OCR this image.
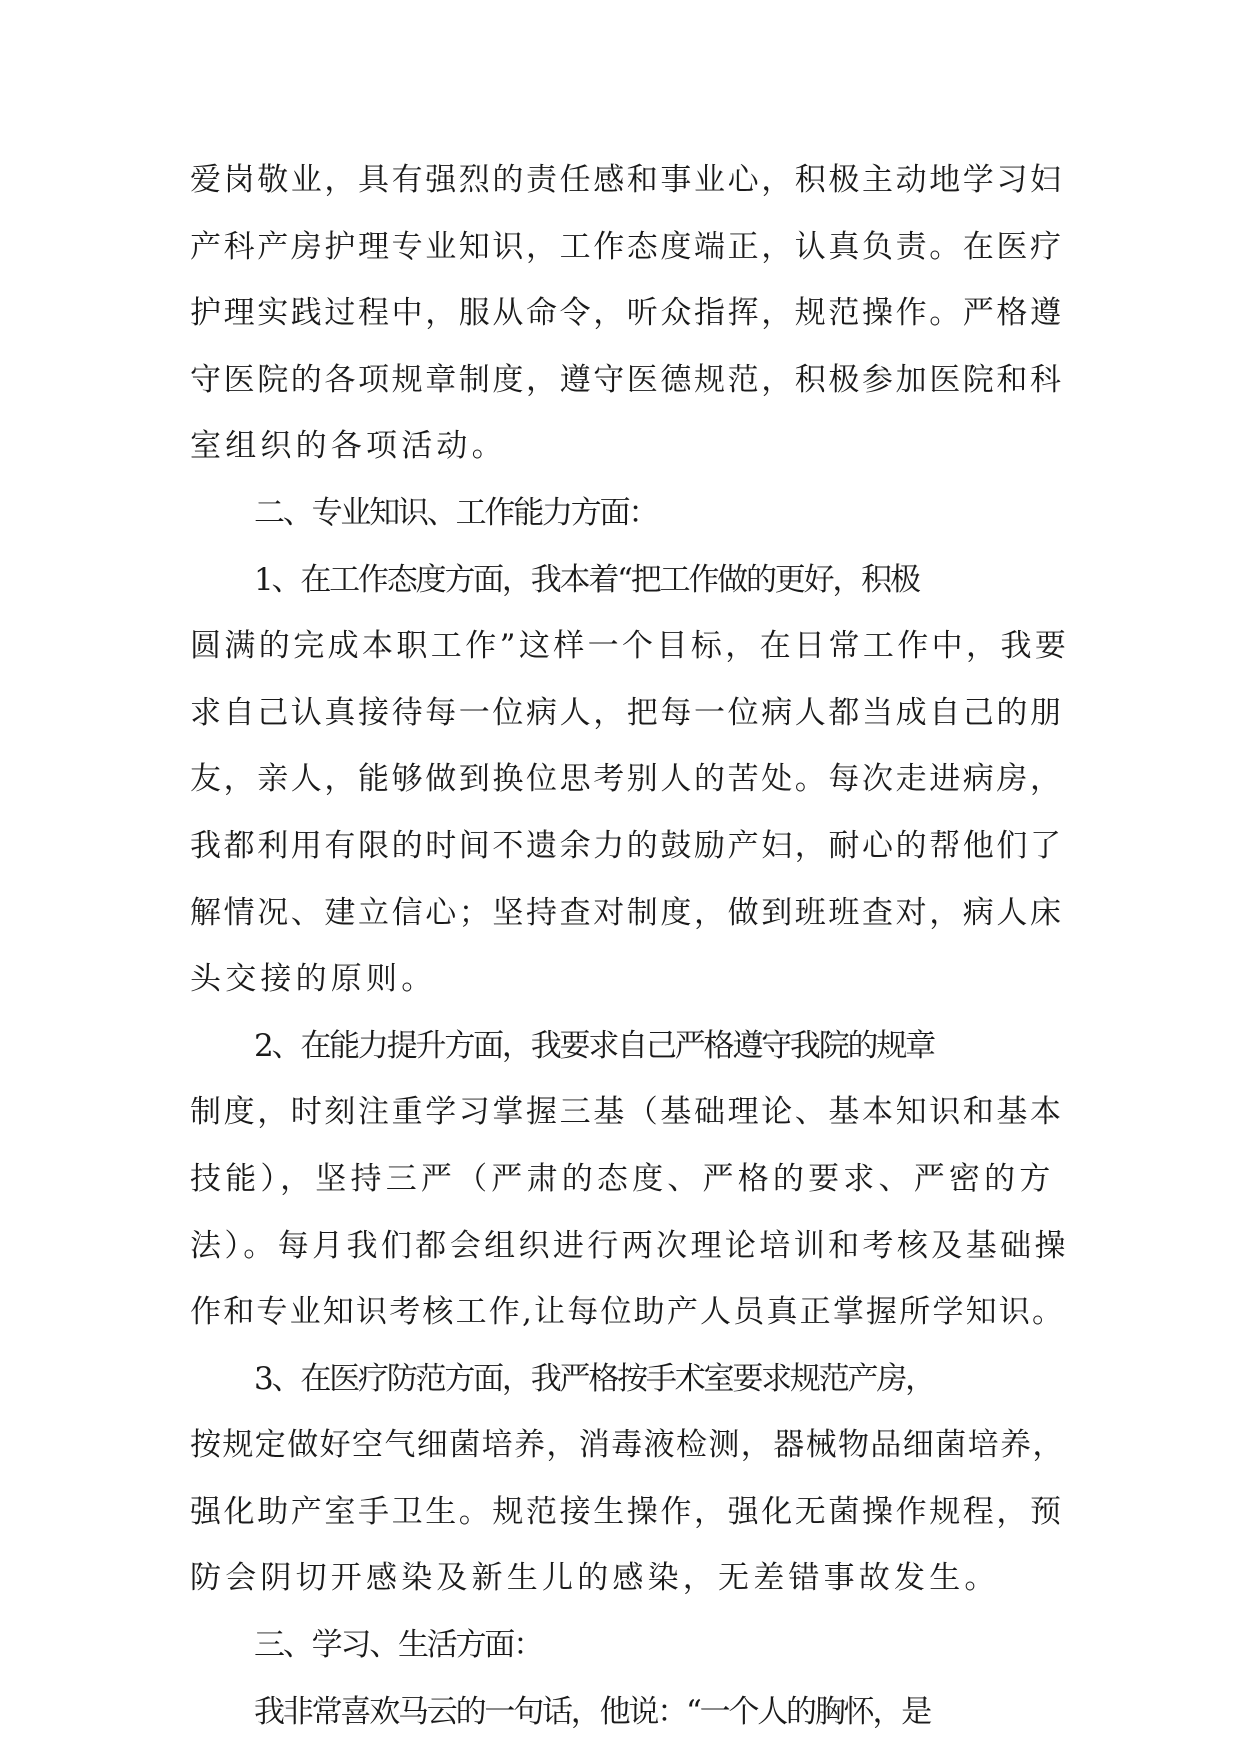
爱岗敬业，具有强烈的责任感和事业心，积极主动地学习妇
产科产房护理专业知识，工作态度端正，认真负责。在医疗
护理实践过程中，服从命令，听众指挥，规范操作。严格遵
守医院的各项规章制度，遵守医德规范，积极参加医院和科
室组织的各项活动。
二、专业知识、工作能力方面：
1、在工作态度方面，我本着“把工作做的更好，积极
圆满的完成本职工作”这样一个目标，在日常工作中，我要
求自己认真接待每一位病人，把每一位病人都当成自己的朋
友，亲人，能够做到换位思考别人的苦处。每次走进病房，
我都利用有限的时间不遗余力的鼓励产妇，耐心的帮他们了
解情况、建立信心；坚持查对制度，做到班班查对，病人床
头交接的原则。
2、在能力提升方面，我要求自己严格遵守我院的规章
制度，时刻注重学习掌握三基（基础理论、基本知识和基本
技能），坚持三严（严肃的态度、严格的要求、严密的方
法）。每月我们都会组织进行两次理论培训和考核及基础操
作和专业知识考核工作,让每位助产人员真正掌握所学知识。
3、在医疗防范方面，我严格按手术室要求规范产房，
按规定做好空气细菌培养，消毒液检测，器械物品细菌培养，
强化助产室手卫生。规范接生操作，强化无菌操作规程，预
防会阴切开感染及新生儿的感染，无差错事故发生。
三、学习、生活方面：
我非常喜欢马云的一句话，他说：“一个人的胸怀，是
